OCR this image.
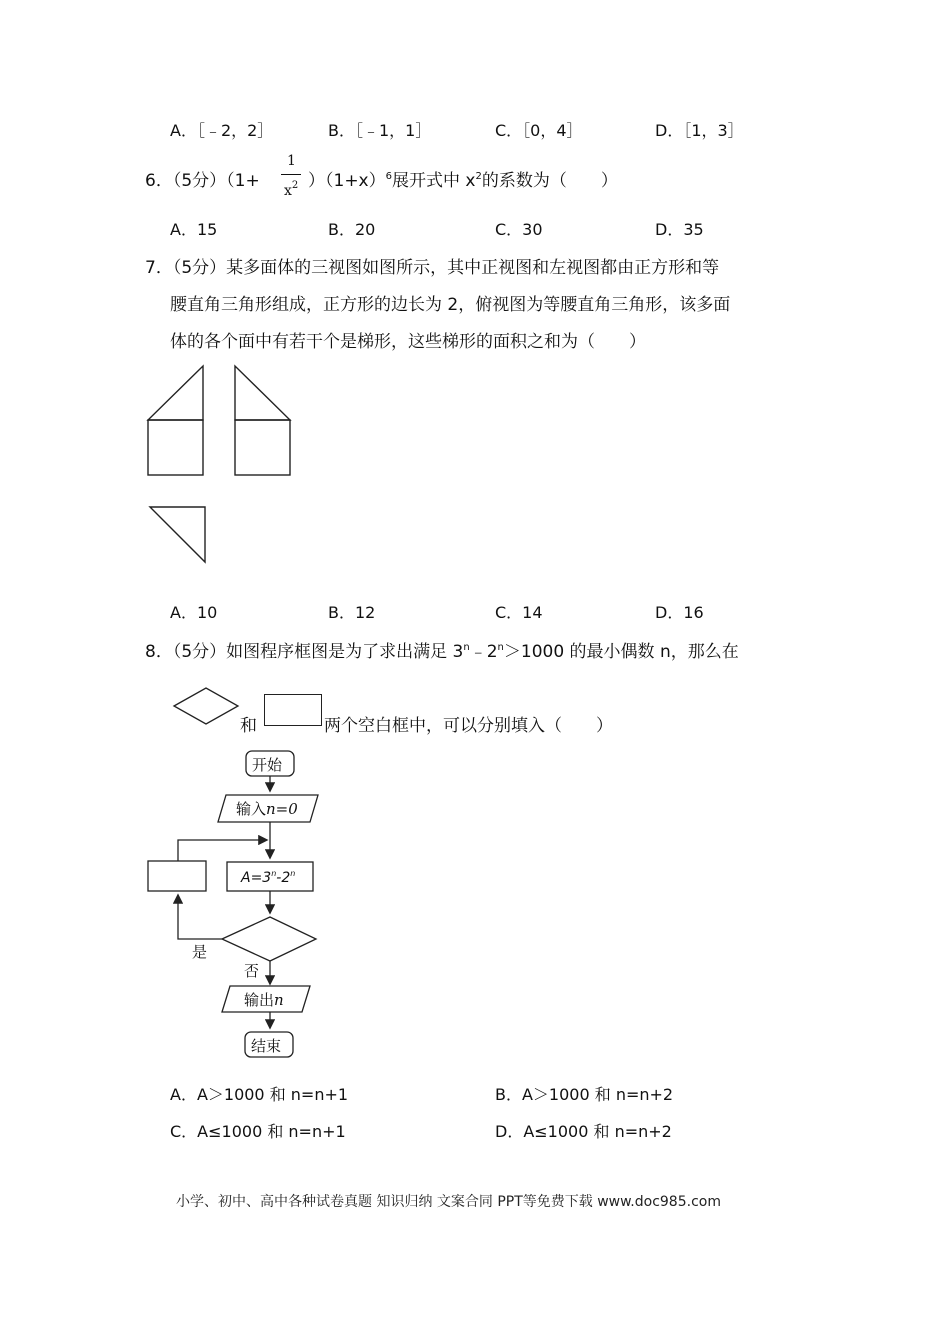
A．［﹣2，2］	B．［﹣1，1］	C．［0，4］	D．［1，3］
6．（5分）（1+
1
$x^2$ ）$(1+x)^6$展开式中 $x^2$的系数为（　　）
A．15	B．20	C．30	D．35
7．（5分）某多面体的三视图如图所示，其中正视图和左视图都由正方形和等
腰直角三角形组成，正方形的边长为 2，俯视图为等腰直角三角形，该多面
体的各个面中有若干个是梯形，这些梯形的面积之和为（　　）
A．10	B．12	C．14	D．16
8．（5分）如图程序框图是为了求出满足 $3^n﹣2^n>1000$ 的最小偶数 n，那么在
和	两个空白框中，可以分别填入（　　）
开始
输入n=0
$A=3^n-2^n$
是
否
输出n
结束
A．A＞1000 和 n=n+1	B．A＞1000 和 n=n+2
C．A≤1000 和 n=n+1	D．A≤1000 和 n=n+2
小学、初中、高中各种试卷真题 知识归纳 文案合同 PPT等免费下载 www.doc985.com
